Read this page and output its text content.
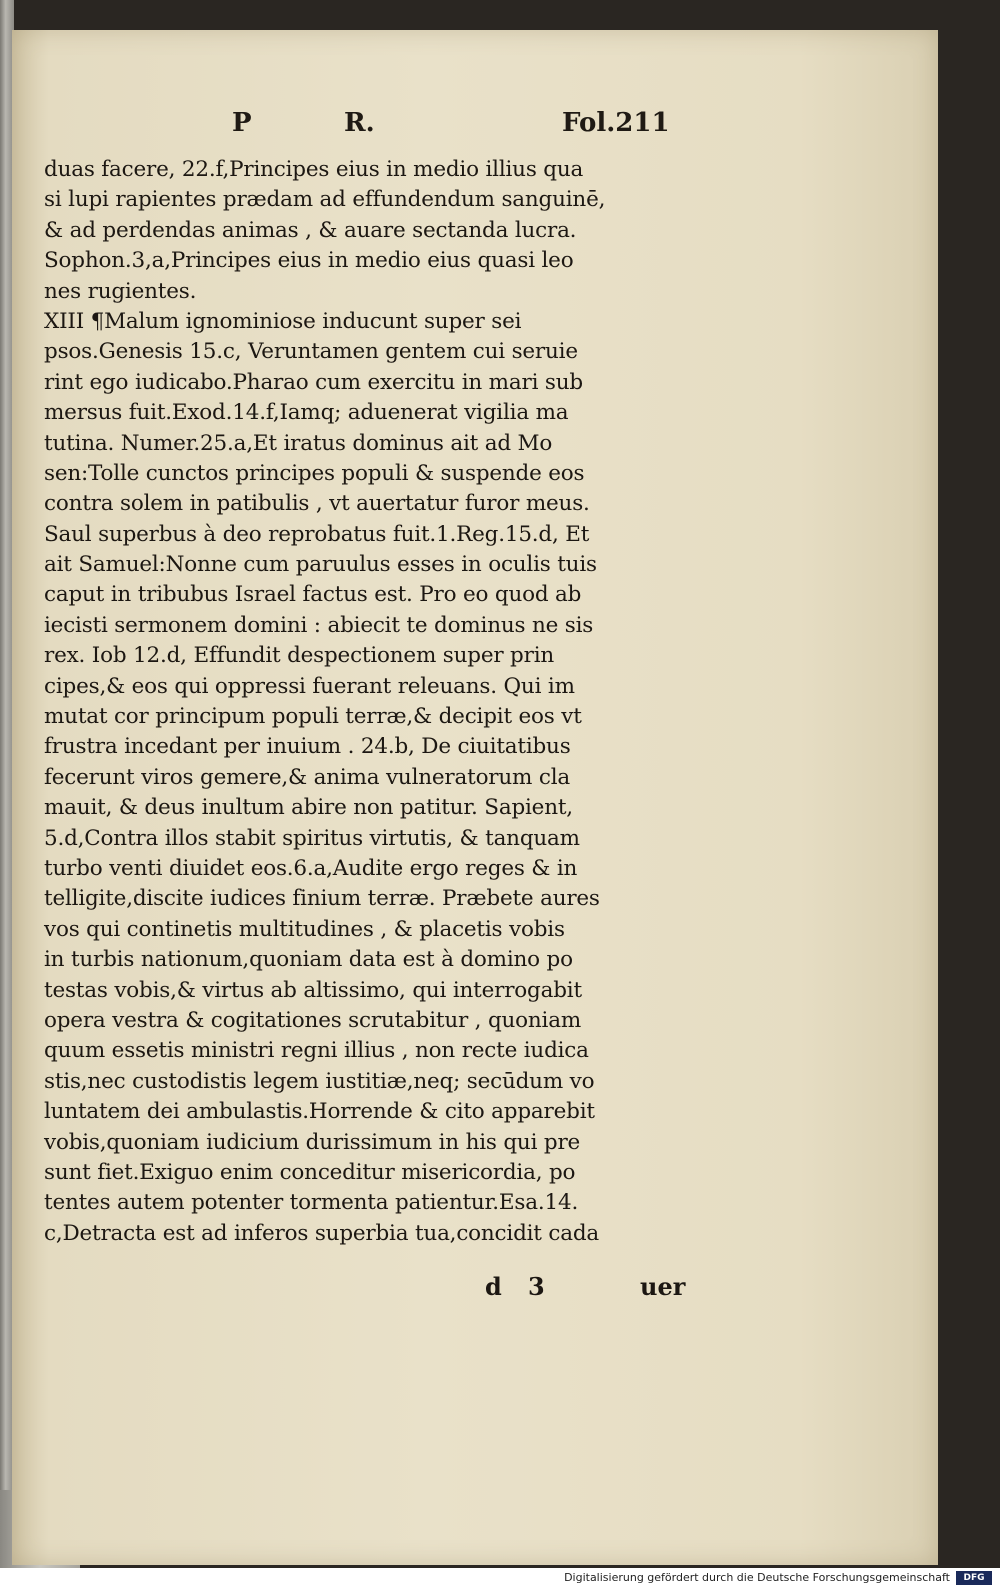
P	R.	Fol.211
duas facere, 22.f,Principes eius in medio illius qua
si lupi rapientes prædam ad effundendum sanguinē,
& ad perdendas animas , & auare sectanda lucra.
Sophon.3,a,Principes eius in medio eius quasi leo
nes rugientes.
XIII ¶Malum ignominiose inducunt super sei
psos.Genesis 15.c, Veruntamen gentem cui seruie
rint ego iudicabo.Pharao cum exercitu in mari sub
mersus fuit.Exod.14.f,Iamq; aduenerat vigilia ma
tutina. Numer.25.a,Et iratus dominus ait ad Mo
sen:Tolle cunctos principes populi & suspende eos
contra solem in patibulis , vt auertatur furor meus.
Saul superbus à deo reprobatus fuit.1.Reg.15.d, Et
ait Samuel:Nonne cum paruulus esses in oculis tuis
caput in tribubus Israel factus est. Pro eo quod ab
iecisti sermonem domini : abiecit te dominus ne sis
rex. Iob 12.d, Effundit despectionem super prin
cipes,& eos qui oppressi fuerant releuans. Qui im
mutat cor principum populi terræ,& decipit eos vt
frustra incedant per inuium . 24.b, De ciuitatibus
fecerunt viros gemere,& anima vulneratorum cla
mauit, & deus inultum abire non patitur. Sapient,
5.d,Contra illos stabit spiritus virtutis, & tanquam
turbo venti diuidet eos.6.a,Audite ergo reges & in
telligite,discite iudices finium terræ. Præbete aures
vos qui continetis multitudines , & placetis vobis
in turbis nationum,quoniam data est à domino po
testas vobis,& virtus ab altissimo, qui interrogabit
opera vestra & cogitationes scrutabitur , quoniam
quum essetis ministri regni illius , non recte iudica
stis,nec custodistis legem iustitiæ,neq; secūdum vo
luntatem dei ambulastis.Horrende & cito apparebit
vobis,quoniam iudicium durissimum in his qui pre
sunt fiet.Exiguo enim conceditur misericordia, po
tentes autem potenter tormenta patientur.Esa.14.
c,Detracta est ad inferos superbia tua,concidit cada
d 3	uer
Digitalisierung gefördert durch die Deutsche Forschungsgemeinschaft	DFG
